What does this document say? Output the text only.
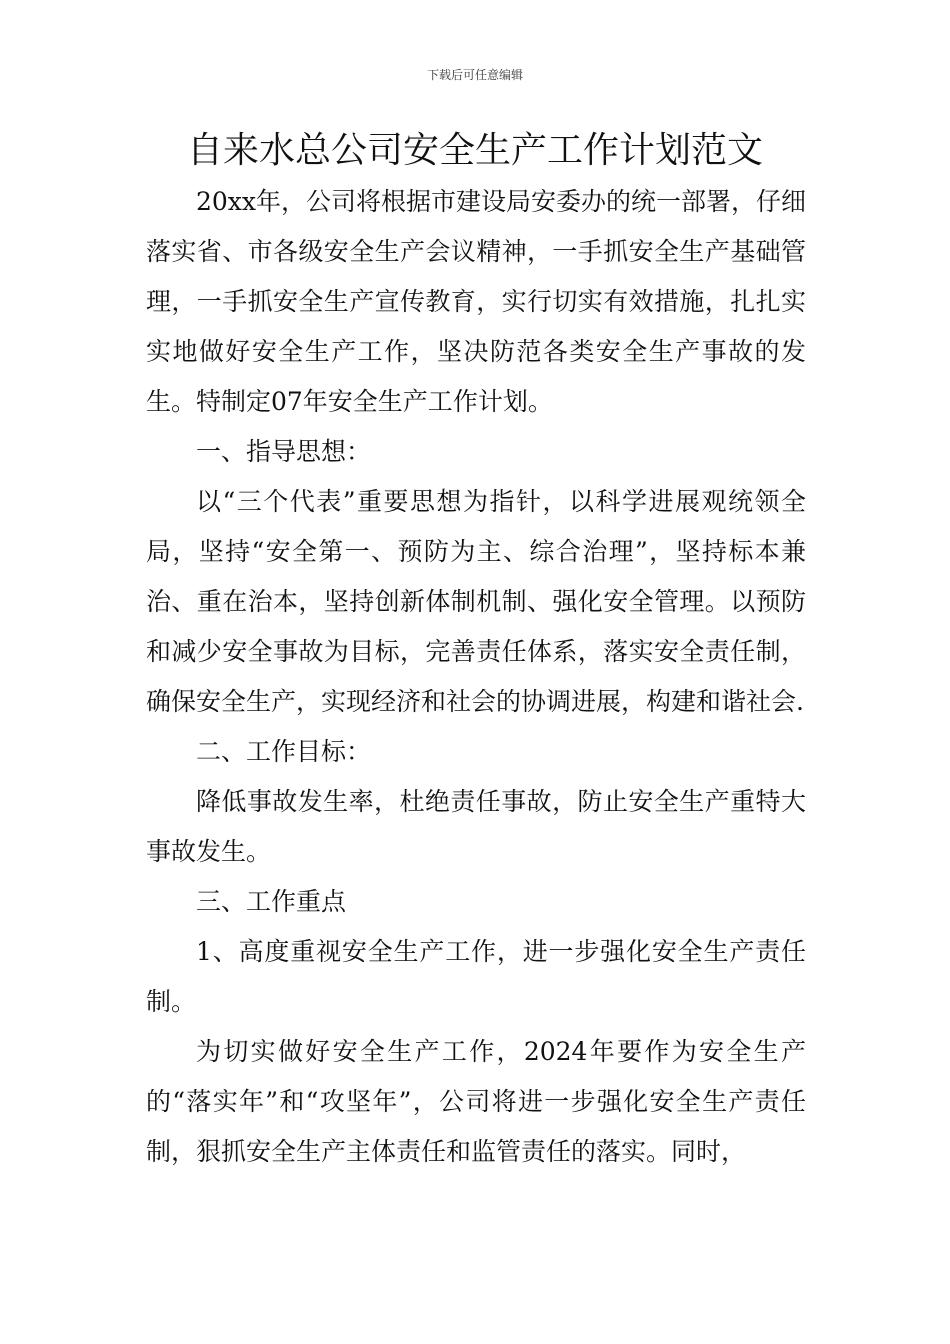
下载后可任意编辑
自来水总公司安全生产工作计划范文

20xx年，公司将根据市建设局安委办的统一部署，仔细落实省、市各级安全生产会议精神，一手抓安全生产基础管理，一手抓安全生产宣传教育，实行切实有效措施，扎扎实实地做好安全生产工作，坚决防范各类安全生产事故的发生。特制定07年安全生产工作计划。

一、指导思想：

以“三个代表”重要思想为指针，以科学进展观统领全局，坚持“安全第一、预防为主、综合治理”，坚持标本兼治、重在治本，坚持创新体制机制、强化安全管理。以预防和减少安全事故为目标，完善责任体系，落实安全责任制，确保安全生产，实现经济和社会的协调进展，构建和谐社会.

二、工作目标：

降低事故发生率，杜绝责任事故，防止安全生产重特大事故发生。

三、工作重点

1、高度重视安全生产工作，进一步强化安全生产责任制。

为切实做好安全生产工作，2024年要作为安全生产的“落实年”和“攻坚年”，公司将进一步强化安全生产责任制，狠抓安全生产主体责任和监管责任的落实。同时，
